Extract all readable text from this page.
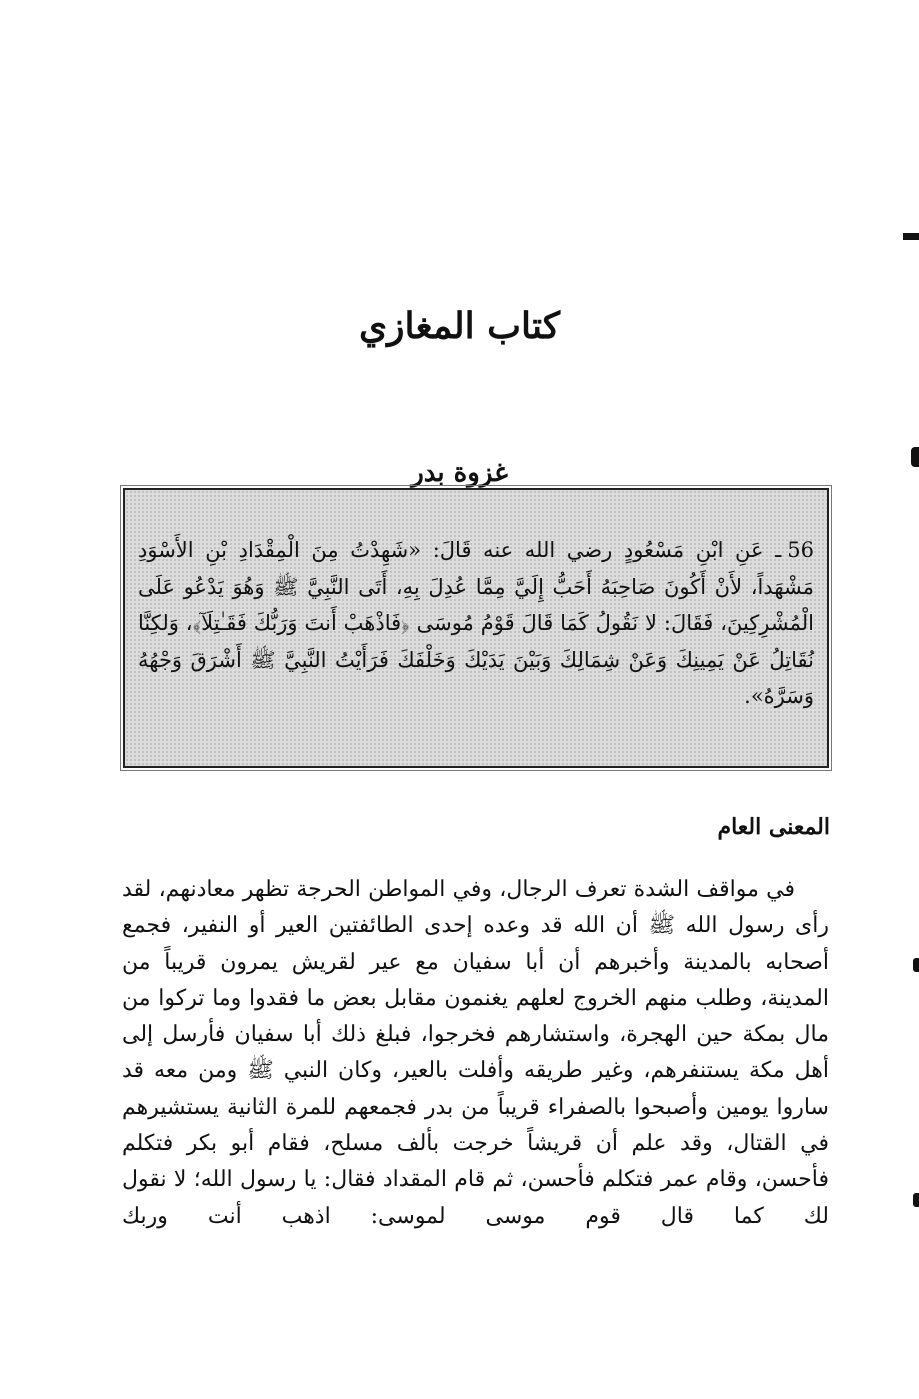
كتاب المغازي
غزوة بدر
56ـ عَنِ ابْنِ مَسْعُودٍ رضي الله عنه قَالَ: «شَهِدْتُ مِنَ الْمِقْدَادِ بْنِ الأَسْوَدِ مَشْهَداً، لأَنْ أَكُونَ صَاحِبَهُ أَحَبُّ إِلَيَّ مِمَّا عُدِلَ بِهِ، أَتَى النَّبِيَّ ﷺ وَهُوَ يَدْعُو عَلَى الْمُشْرِكِينَ، فَقَالَ: لا نَقُولُ كَمَا قَالَ قَوْمُ مُوسَى ﴿فَاذْهَبْ أَنتَ وَرَبُّكَ فَقَـٰتِلَآ﴾، وَلكِنَّا نُقَاتِلُ عَنْ يَمِينِكَ وَعَنْ شِمَالِكَ وَبَيْنَ يَدَيْكَ وَخَلْفَكَ فَرَأَيْتُ النَّبِيَّ ﷺ أَشْرَقَ وَجْهُهُ وَسَرَّهُ».
المعنى العام
في مواقف الشدة تعرف الرجال، وفي المواطن الحرجة تظهر معادنهم، لقد رأى رسول الله ﷺ أن الله قد وعده إحدى الطائفتين العير أو النفير، فجمع أصحابه بالمدينة وأخبرهم أن أبا سفيان مع عير لقريش يمرون قريباً من المدينة، وطلب منهم الخروج لعلهم يغنمون مقابل بعض ما فقدوا وما تركوا من مال بمكة حين الهجرة، واستشارهم فخرجوا، فبلغ ذلك أبا سفيان فأرسل إلى أهل مكة يستنفرهم، وغير طريقه وأفلت بالعير، وكان النبي ﷺ ومن معه قد ساروا يومين وأصبحوا بالصفراء قريباً من بدر فجمعهم للمرة الثانية يستشيرهم في القتال، وقد علم أن قريشاً خرجت بألف مسلح، فقام أبو بكر فتكلم فأحسن، وقام عمر فتكلم فأحسن، ثم قام المقداد فقال: يا رسول الله؛ لا نقول لك كما قال قوم موسى لموسى: اذهب أنت وربك
